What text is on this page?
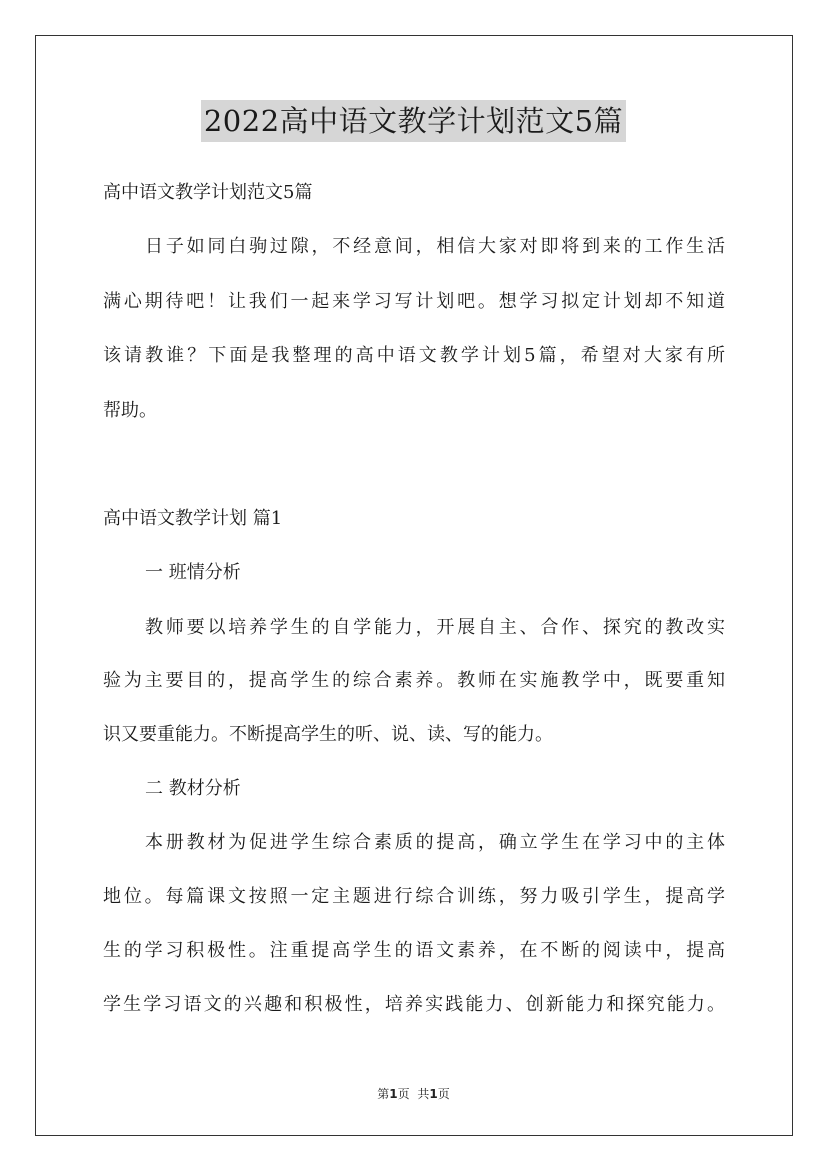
2022高中语文教学计划范文5篇
高中语文教学计划范文5篇
日子如同白驹过隙，不经意间，相信大家对即将到来的工作生活
满心期待吧！让我们一起来学习写计划吧。想学习拟定计划却不知道
该请教谁？下面是我整理的高中语文教学计划5篇，希望对大家有所
帮助。
高中语文教学计划 篇1
一 班情分析
教师要以培养学生的自学能力，开展自主、合作、探究的教改实
验为主要目的，提高学生的综合素养。教师在实施教学中，既要重知
识又要重能力。不断提高学生的听、说、读、写的能力。
二 教材分析
本册教材为促进学生综合素质的提高，确立学生在学习中的主体
地位。每篇课文按照一定主题进行综合训练，努力吸引学生，提高学
生的学习积极性。注重提高学生的语文素养，在不断的阅读中，提高
学生学习语文的兴趣和积极性，培养实践能力、创新能力和探究能力。
第1页 共1页
